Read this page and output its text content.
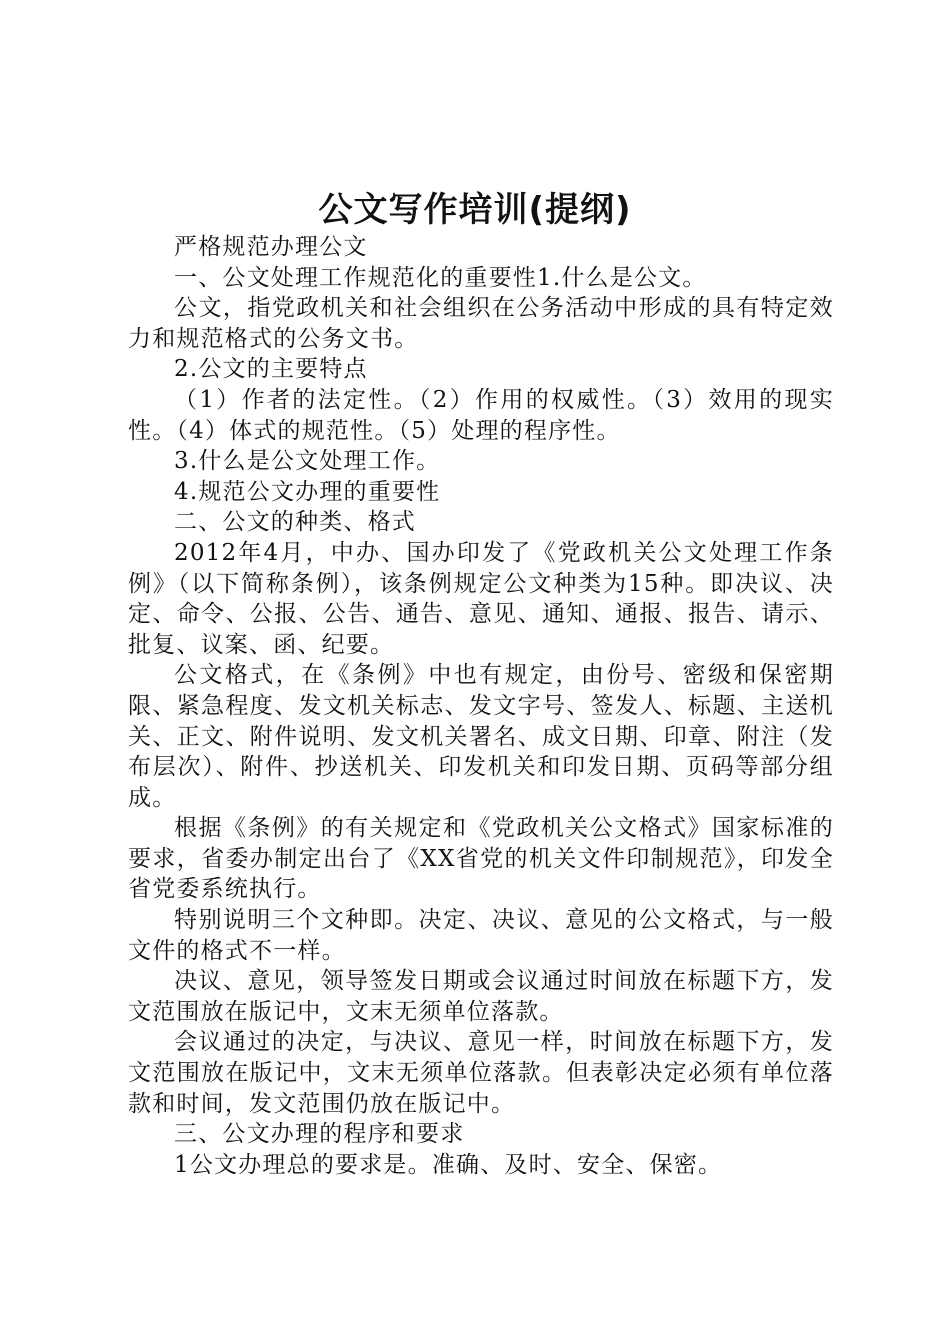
公文写作培训(提纲)

严格规范办理公文

一、公文处理工作规范化的重要性1.什么是公文。

公文，指党政机关和社会组织在公务活动中形成的具有特定效力和规范格式的公务文书。

2.公文的主要特点

（1）作者的法定性。（2）作用的权威性。（3）效用的现实性。（4）体式的规范性。（5）处理的程序性。

3.什么是公文处理工作。

4.规范公文办理的重要性

二、公文的种类、格式

2012年4月，中办、国办印发了《党政机关公文处理工作条例》（以下简称条例），该条例规定公文种类为15种。即决议、决定、命令、公报、公告、通告、意见、通知、通报、报告、请示、批复、议案、函、纪要。

公文格式，在《条例》中也有规定，由份号、密级和保密期限、紧急程度、发文机关标志、发文字号、签发人、标题、主送机关、正文、附件说明、发文机关署名、成文日期、印章、附注（发布层次）、附件、抄送机关、印发机关和印发日期、页码等部分组成。

根据《条例》的有关规定和《党政机关公文格式》国家标准的要求，省委办制定出台了《XX省党的机关文件印制规范》，印发全省党委系统执行。

特别说明三个文种即。决定、决议、意见的公文格式，与一般文件的格式不一样。

决议、意见，领导签发日期或会议通过时间放在标题下方，发文范围放在版记中，文末无须单位落款。

会议通过的决定，与决议、意见一样，时间放在标题下方，发文范围放在版记中，文末无须单位落款。但表彰决定必须有单位落款和时间，发文范围仍放在版记中。

三、公文办理的程序和要求

1公文办理总的要求是。准确、及时、安全、保密。
